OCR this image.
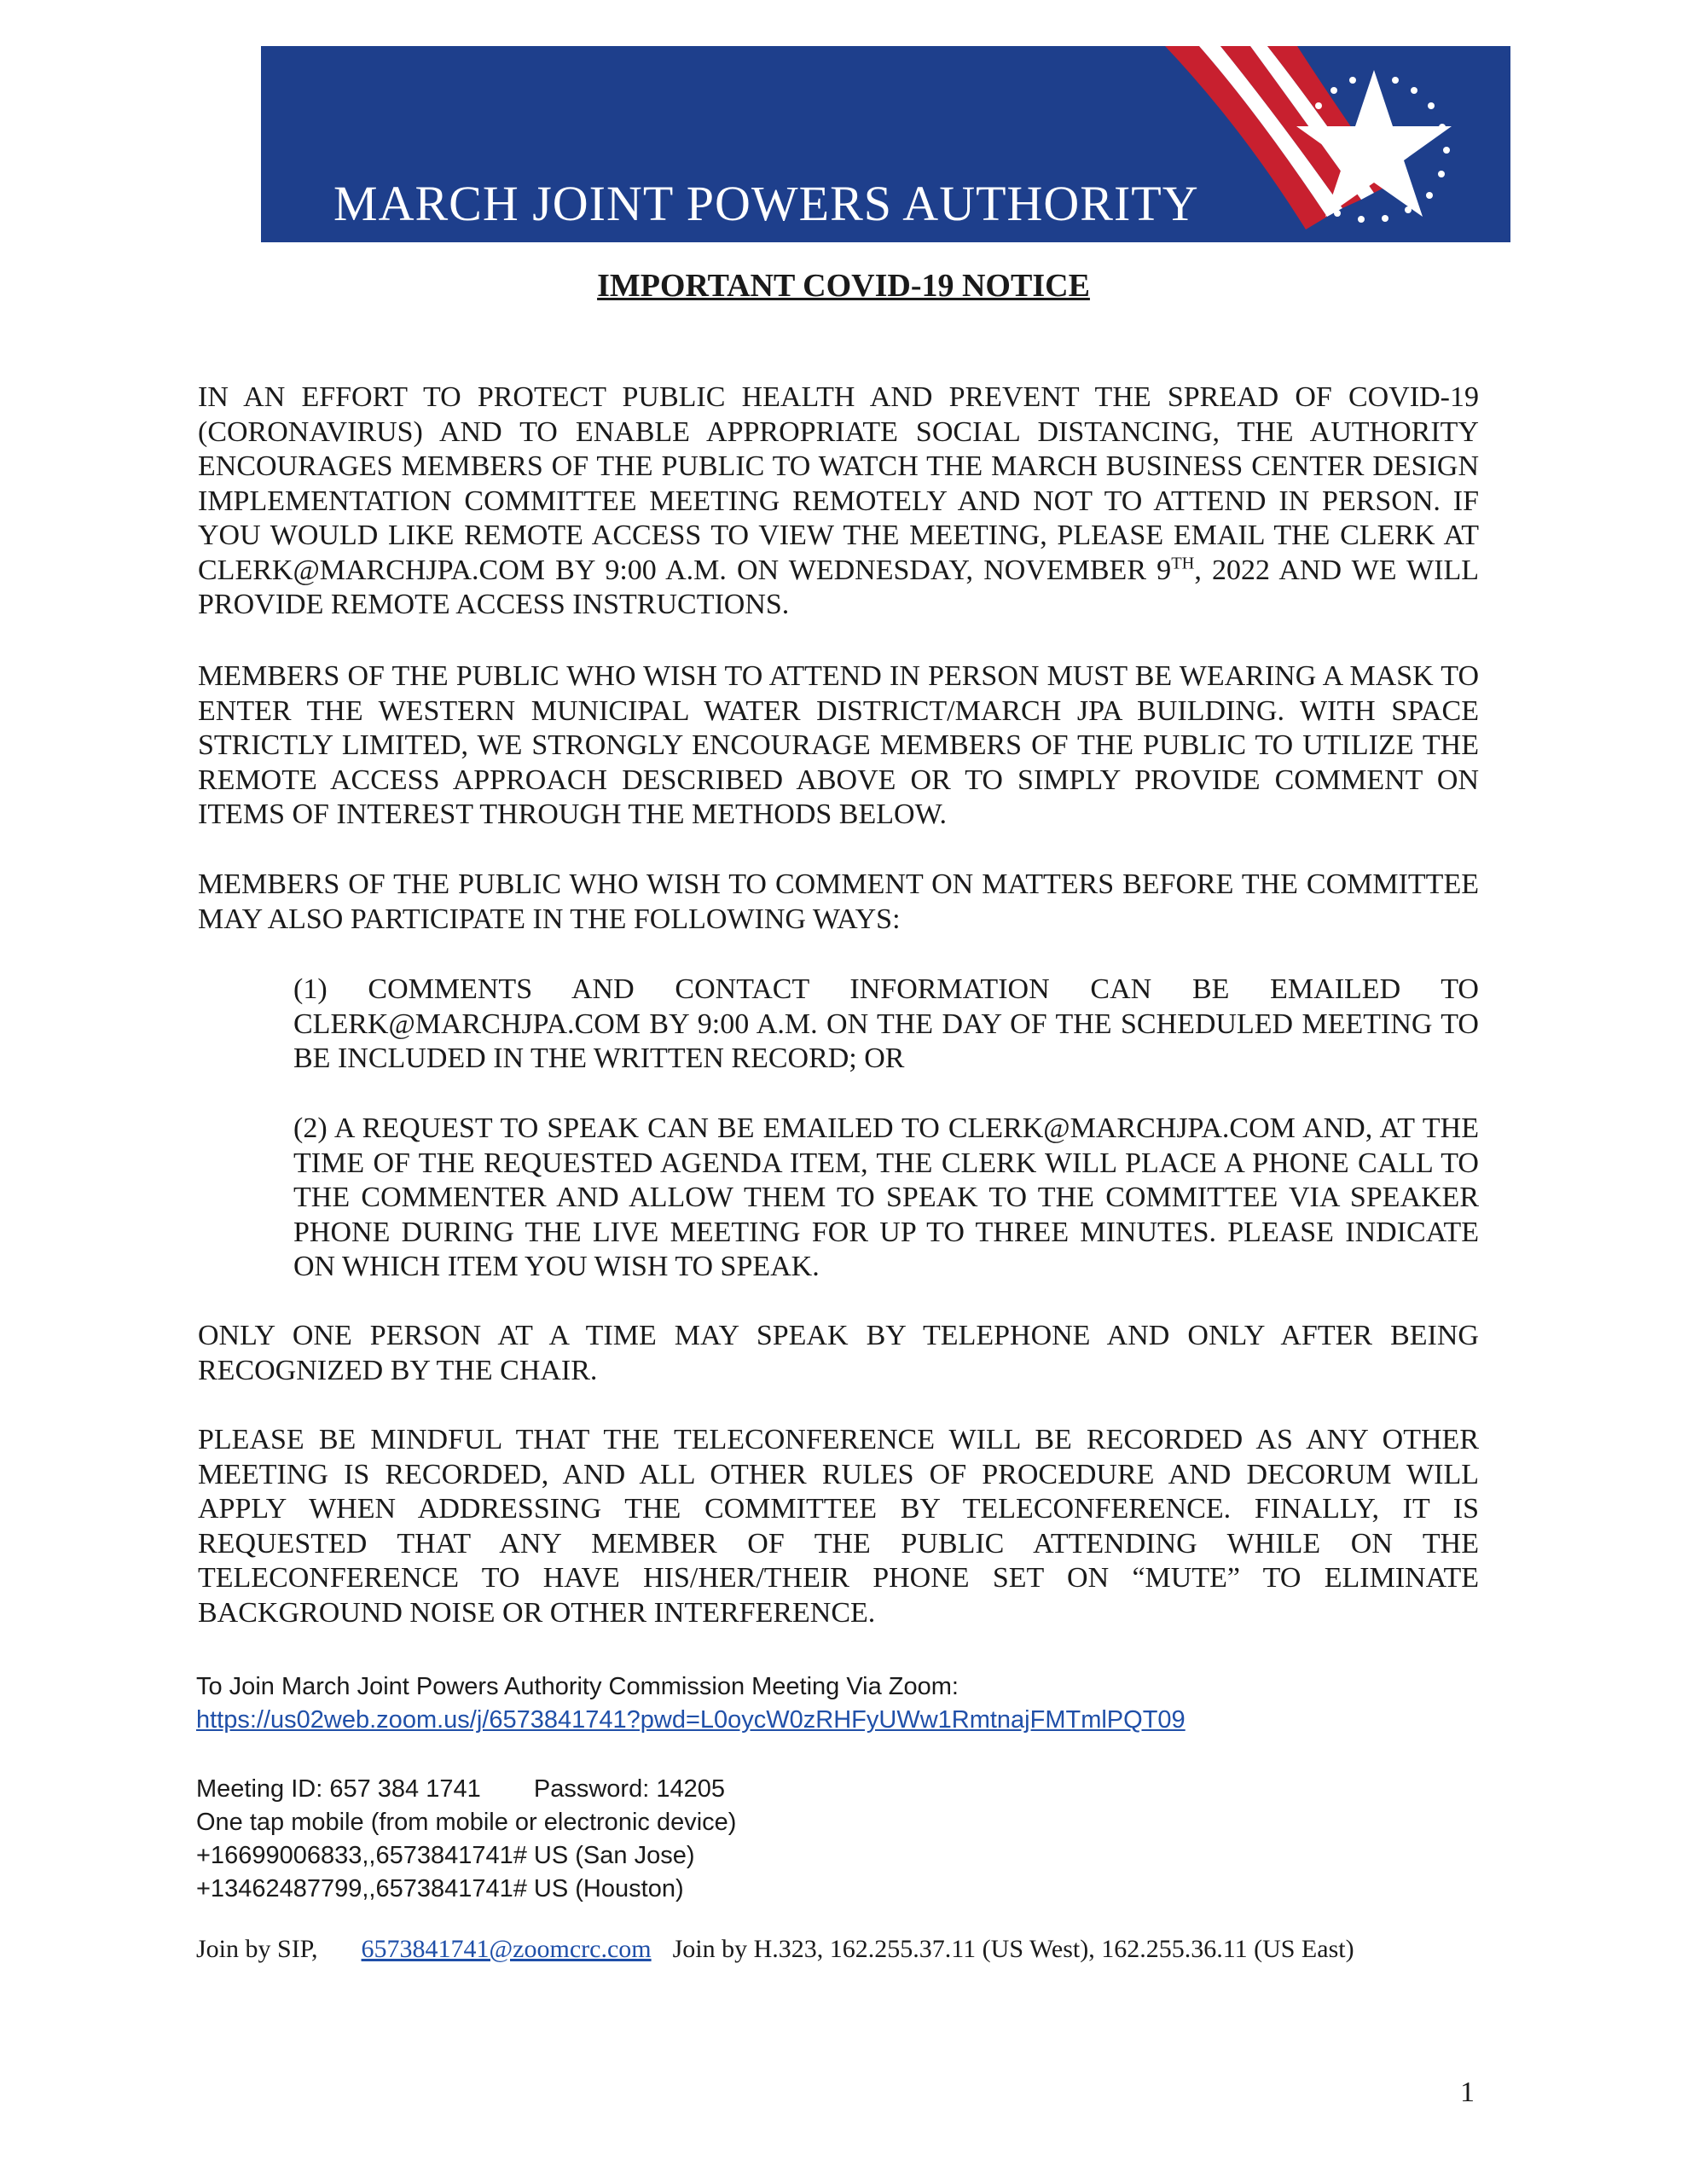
MARCH JOINT POWERS AUTHORITY
IMPORTANT COVID-19 NOTICE
IN AN EFFORT TO PROTECT PUBLIC HEALTH AND PREVENT THE SPREAD OF COVID-19 (CORONAVIRUS) AND TO ENABLE APPROPRIATE SOCIAL DISTANCING, THE AUTHORITY ENCOURAGES MEMBERS OF THE PUBLIC TO WATCH THE MARCH BUSINESS CENTER DESIGN IMPLEMENTATION COMMITTEE MEETING REMOTELY AND NOT TO ATTEND IN PERSON. IF YOU WOULD LIKE REMOTE ACCESS TO VIEW THE MEETING, PLEASE EMAIL THE CLERK AT CLERK@MARCHJPA.COM BY 9:00 A.M. ON WEDNESDAY, NOVEMBER 9TH, 2022 AND WE WILL PROVIDE REMOTE ACCESS INSTRUCTIONS.
MEMBERS OF THE PUBLIC WHO WISH TO ATTEND IN PERSON MUST BE WEARING A MASK TO ENTER THE WESTERN MUNICIPAL WATER DISTRICT/MARCH JPA BUILDING. WITH SPACE STRICTLY LIMITED, WE STRONGLY ENCOURAGE MEMBERS OF THE PUBLIC TO UTILIZE THE REMOTE ACCESS APPROACH DESCRIBED ABOVE OR TO SIMPLY PROVIDE COMMENT ON ITEMS OF INTEREST THROUGH THE METHODS BELOW.
MEMBERS OF THE PUBLIC WHO WISH TO COMMENT ON MATTERS BEFORE THE COMMITTEE MAY ALSO PARTICIPATE IN THE FOLLOWING WAYS:
(1) COMMENTS AND CONTACT INFORMATION CAN BE EMAILED TO CLERK@MARCHJPA.COM BY 9:00 A.M. ON THE DAY OF THE SCHEDULED MEETING TO BE INCLUDED IN THE WRITTEN RECORD; OR
(2) A REQUEST TO SPEAK CAN BE EMAILED TO CLERK@MARCHJPA.COM AND, AT THE TIME OF THE REQUESTED AGENDA ITEM, THE CLERK WILL PLACE A PHONE CALL TO THE COMMENTER AND ALLOW THEM TO SPEAK TO THE COMMITTEE VIA SPEAKER PHONE DURING THE LIVE MEETING FOR UP TO THREE MINUTES. PLEASE INDICATE ON WHICH ITEM YOU WISH TO SPEAK.
ONLY ONE PERSON AT A TIME MAY SPEAK BY TELEPHONE AND ONLY AFTER BEING RECOGNIZED BY THE CHAIR.
PLEASE BE MINDFUL THAT THE TELECONFERENCE WILL BE RECORDED AS ANY OTHER MEETING IS RECORDED, AND ALL OTHER RULES OF PROCEDURE AND DECORUM WILL APPLY WHEN ADDRESSING THE COMMITTEE BY TELECONFERENCE. FINALLY, IT IS REQUESTED THAT ANY MEMBER OF THE PUBLIC ATTENDING WHILE ON THE TELECONFERENCE TO HAVE HIS/HER/THEIR PHONE SET ON “MUTE” TO ELIMINATE BACKGROUND NOISE OR OTHER INTERFERENCE.
To Join March Joint Powers Authority Commission Meeting Via Zoom:
https://us02web.zoom.us/j/6573841741?pwd=L0oycW0zRHFyUWw1RmtnajFMTmlPQT09
Meeting ID: 657 384 1741 Password: 14205
One tap mobile (from mobile or electronic device)
+16699006833,,6573841741# US (San Jose)
+13462487799,,6573841741# US (Houston)
Join by SIP, 6573841741@zoomcrc.com Join by H.323, 162.255.37.11 (US West), 162.255.36.11 (US East)
1
